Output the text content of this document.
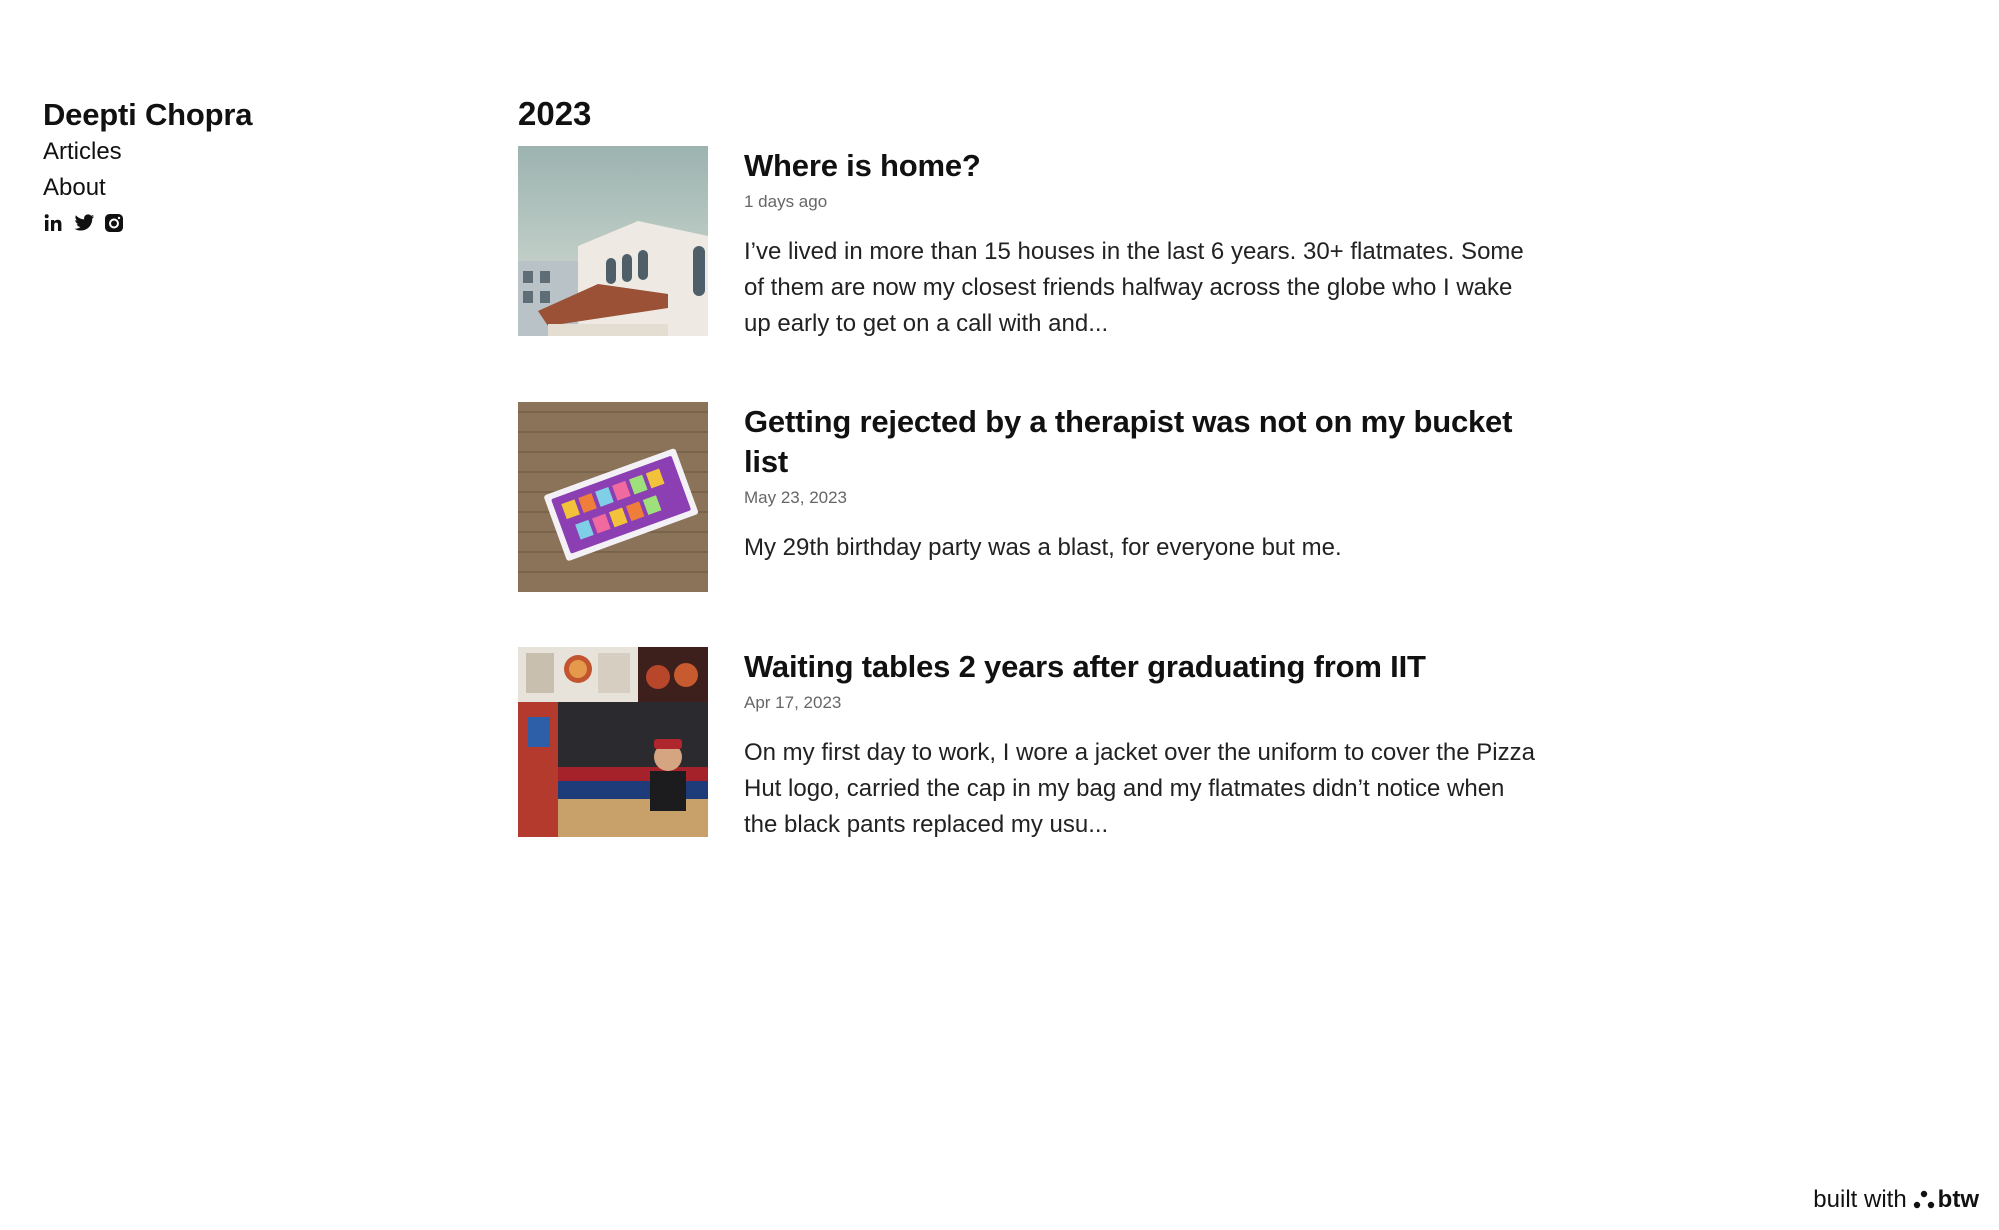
Deepti Chopra
Articles
About
2023
Where is home?
1 days ago
I’ve lived in more than 15 houses in the last 6 years. 30+ flatmates. Some of them are now my closest friends halfway across the globe who I wake up early to get on a call with and...
Getting rejected by a therapist was not on my bucket list
May 23, 2023
My 29th birthday party was a blast, for everyone but me.
Waiting tables 2 years after graduating from IIT
Apr 17, 2023
On my first day to work, I wore a jacket over the uniform to cover the Pizza Hut logo, carried the cap in my bag and my flatmates didn’t notice when the black pants replaced my usu...
built with btw
